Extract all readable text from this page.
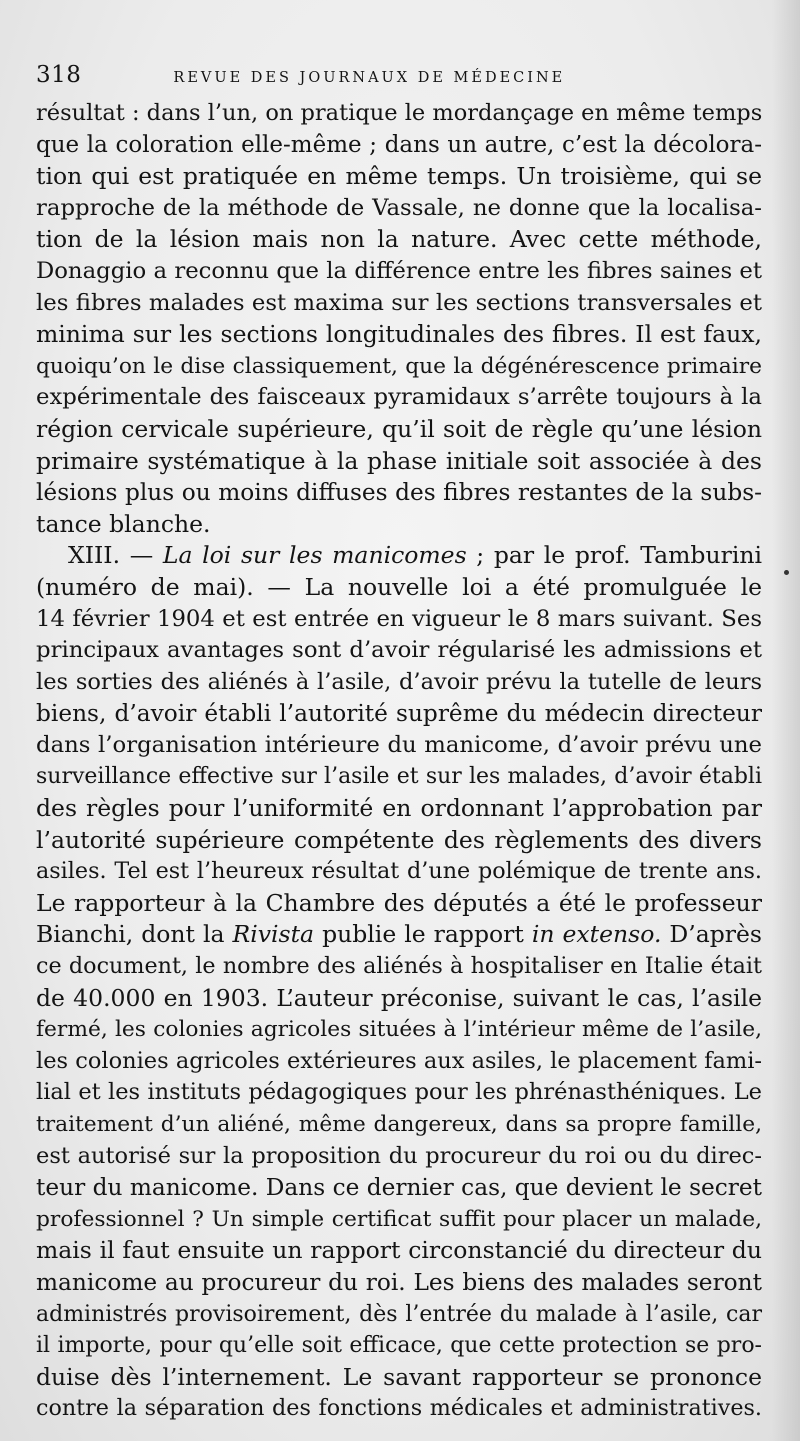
318	REVUE DES JOURNAUX DE MÉDECINE
résultat : dans l’un, on pratique le mordançage en même temps
que la coloration elle-même ; dans un autre, c’est la décolora-
tion qui est pratiquée en même temps. Un troisième, qui se
rapproche de la méthode de Vassale, ne donne que la localisa-
tion de la lésion mais non la nature. Avec cette méthode,
Donaggio a reconnu que la différence entre les fibres saines et
les fibres malades est maxima sur les sections transversales et
minima sur les sections longitudinales des fibres. Il est faux,
quoiqu’on le dise classiquement, que la dégénérescence primaire
expérimentale des faisceaux pyramidaux s’arrête toujours à la
région cervicale supérieure, qu’il soit de règle qu’une lésion
primaire systématique à la phase initiale soit associée à des
lésions plus ou moins diffuses des fibres restantes de la subs-
tance blanche.
XIII. — La loi sur les manicomes ; par le prof. Tamburini
(numéro de mai). — La nouvelle loi a été promulguée le
14 février 1904 et est entrée en vigueur le 8 mars suivant. Ses
principaux avantages sont d’avoir régularisé les admissions et
les sorties des aliénés à l’asile, d’avoir prévu la tutelle de leurs
biens, d’avoir établi l’autorité suprême du médecin directeur
dans l’organisation intérieure du manicome, d’avoir prévu une
surveillance effective sur l’asile et sur les malades, d’avoir établi
des règles pour l’uniformité en ordonnant l’approbation par
l’autorité supérieure compétente des règlements des divers
asiles. Tel est l’heureux résultat d’une polémique de trente ans.
Le rapporteur à la Chambre des députés a été le professeur
Bianchi, dont la Rivista publie le rapport in extenso. D’après
ce document, le nombre des aliénés à hospitaliser en Italie était
de 40.000 en 1903. L’auteur préconise, suivant le cas, l’asile
fermé, les colonies agricoles situées à l’intérieur même de l’asile,
les colonies agricoles extérieures aux asiles, le placement fami-
lial et les instituts pédagogiques pour les phrénasthéniques. Le
traitement d’un aliéné, même dangereux, dans sa propre famille,
est autorisé sur la proposition du procureur du roi ou du direc-
teur du manicome. Dans ce dernier cas, que devient le secret
professionnel ? Un simple certificat suffit pour placer un malade,
mais il faut ensuite un rapport circonstancié du directeur du
manicome au procureur du roi. Les biens des malades seront
administrés provisoirement, dès l’entrée du malade à l’asile, car
il importe, pour qu’elle soit efficace, que cette protection se pro-
duise dès l’internement. Le savant rapporteur se prononce
contre la séparation des fonctions médicales et administratives.
